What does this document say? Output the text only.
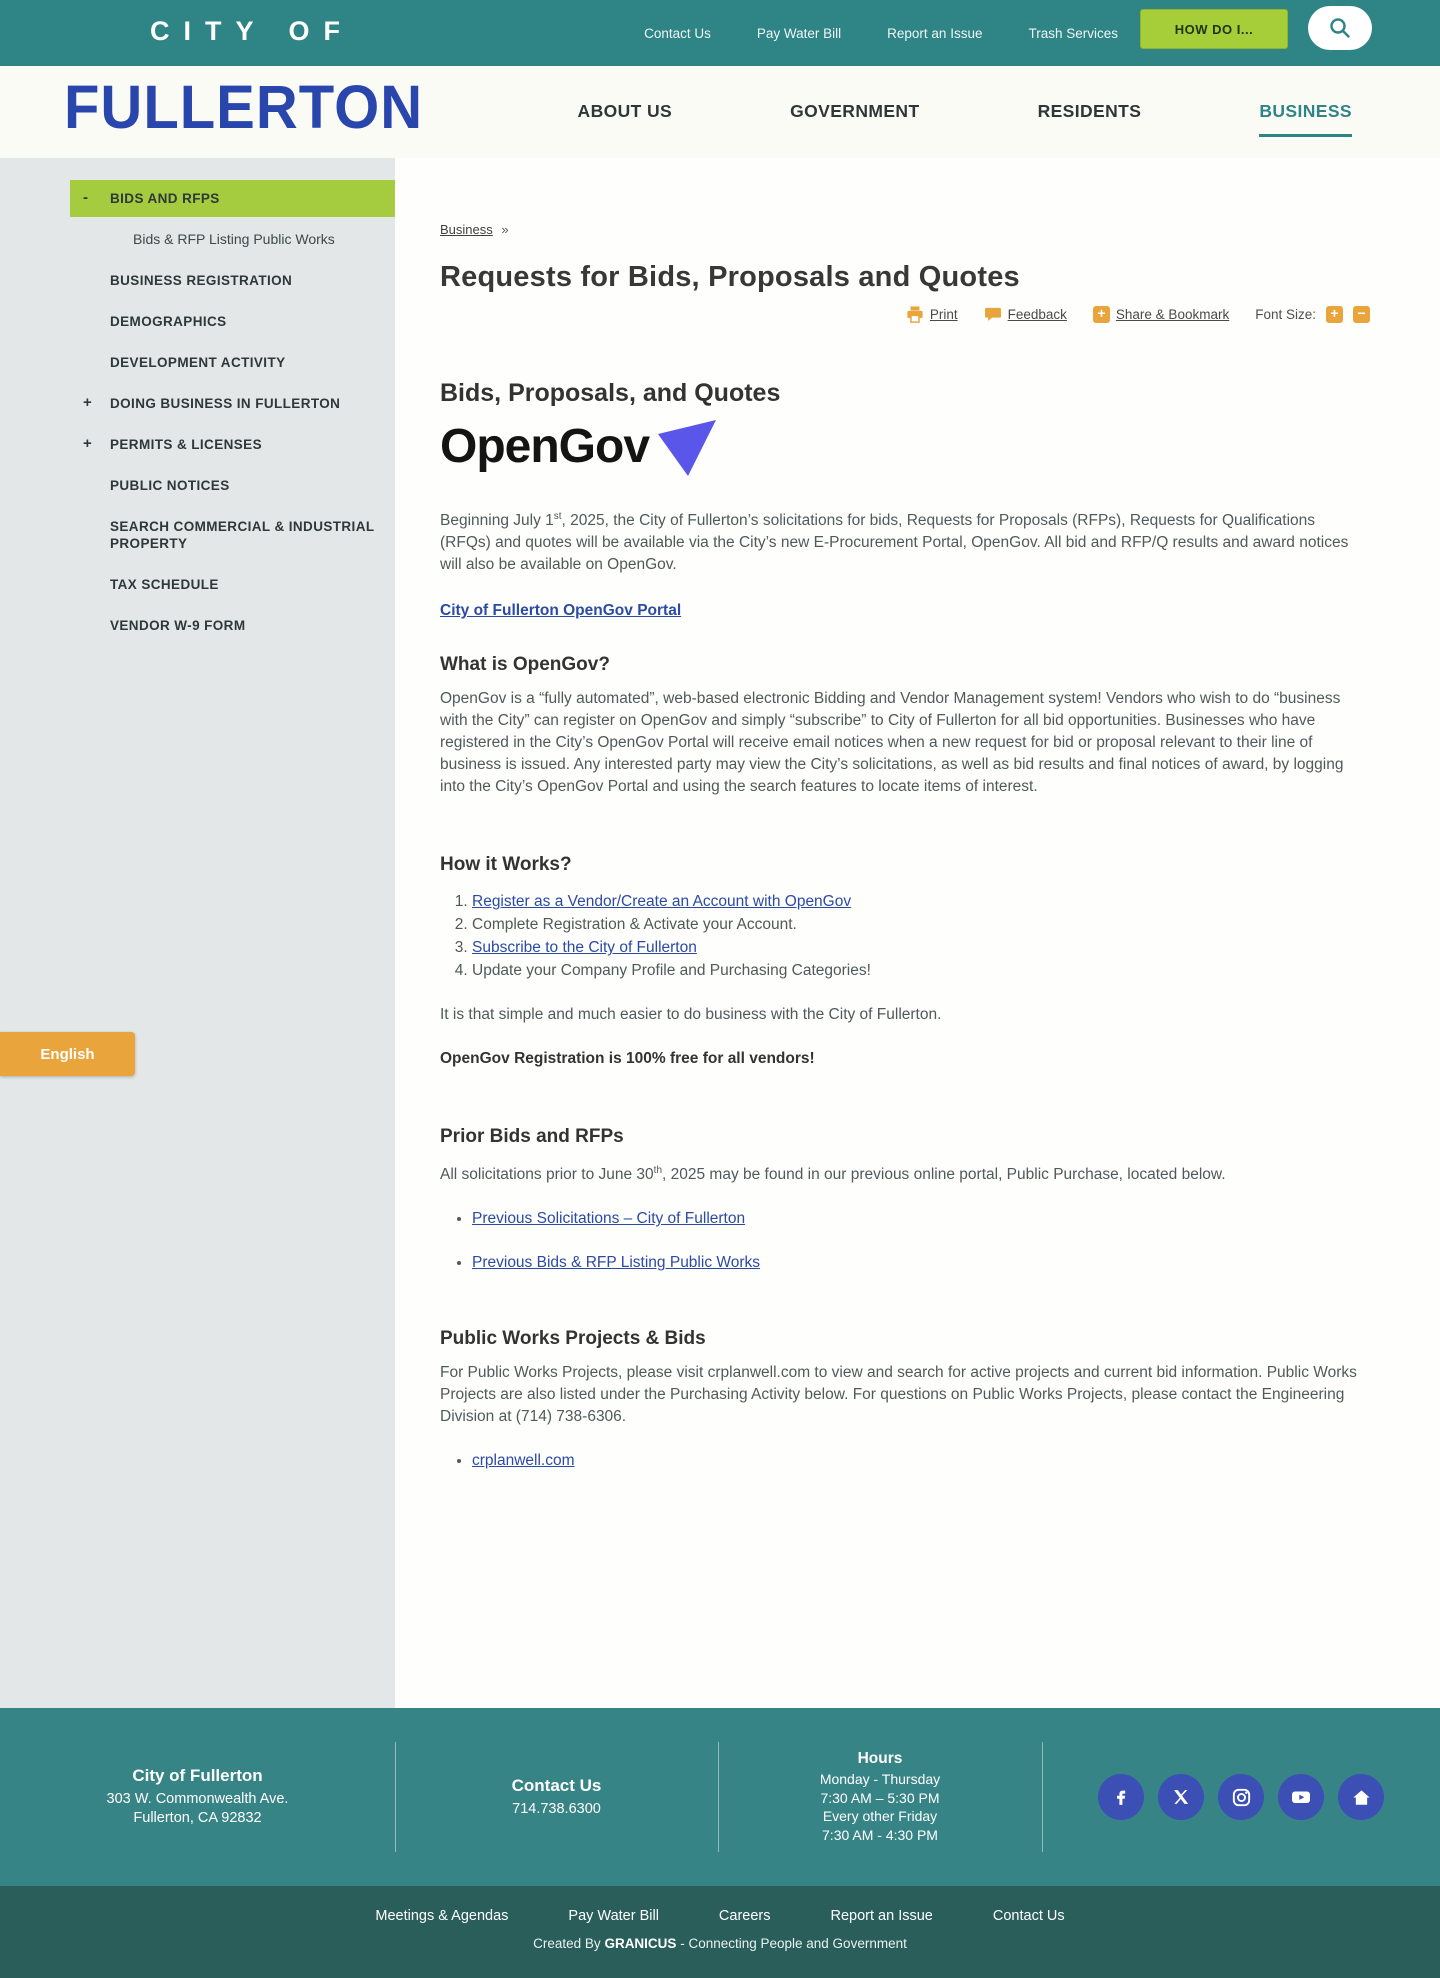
CITY OF	Contact Us	Pay Water Bill	Report an Issue	Trash Services	HOW DO I...
FULLERTON	ABOUT US	GOVERNMENT	RESIDENTS	BUSINESS
- BIDS AND RFPS
Bids & RFP Listing Public Works
BUSINESS REGISTRATION
DEMOGRAPHICS
DEVELOPMENT ACTIVITY
+ DOING BUSINESS IN FULLERTON
+ PERMITS & LICENSES
PUBLIC NOTICES
SEARCH COMMERCIAL & INDUSTRIAL PROPERTY
TAX SCHEDULE
VENDOR W-9 FORM
English
Business »
Requests for Bids, Proposals and Quotes
Print	Feedback	+ Share & Bookmark Font Size:	+	−
Bids, Proposals, and Quotes
OpenGov

Beginning July 1st, 2025, the City of Fullerton’s solicitations for bids, Requests for Proposals (RFPs), Requests for Qualifications (RFQs) and quotes will be available via the City’s new E-Procurement Portal, OpenGov. All bid and RFP/Q results and award notices will also be available on OpenGov.

City of Fullerton OpenGov Portal
What is OpenGov?

OpenGov is a “fully automated”, web-based electronic Bidding and Vendor Management system! Vendors who wish to do “business with the City” can register on OpenGov and simply “subscribe” to City of Fullerton for all bid opportunities. Businesses who have registered in the City’s OpenGov Portal will receive email notices when a new request for bid or proposal relevant to their line of business is issued. Any interested party may view the City’s solicitations, as well as bid results and final notices of award, by logging into the City’s OpenGov Portal and using the search features to locate items of interest.

How it Works?
1. Register as a Vendor/Create an Account with OpenGov
2. Complete Registration & Activate your Account.
3. Subscribe to the City of Fullerton
4. Update your Company Profile and Purchasing Categories!

It is that simple and much easier to do business with the City of Fullerton.

OpenGov Registration is 100% free for all vendors!

Prior Bids and RFPs

All solicitations prior to June 30th, 2025 may be found in our previous online portal, Public Purchase, located below.

• Previous Solicitations – City of Fullerton
• Previous Bids & RFP Listing Public Works
Public Works Projects & Bids

For Public Works Projects, please visit crplanwell.com to view and search for active projects and current bid information. Public Works Projects are also listed under the Purchasing Activity below. For questions on Public Works Projects, please contact the Engineering Division at (714) 738-6306.

• crplanwell.com
City of Fullerton
303 W. Commonwealth Ave.
Fullerton, CA 92832
Contact Us
714.738.6300
Hours
Monday - Thursday
7:30 AM – 5:30 PM
Every other Friday
7:30 AM - 4:30 PM
Meetings & Agendas	Pay Water Bill	Careers	Report an Issue	Contact Us
Created By GRANICUS - Connecting People and Government
